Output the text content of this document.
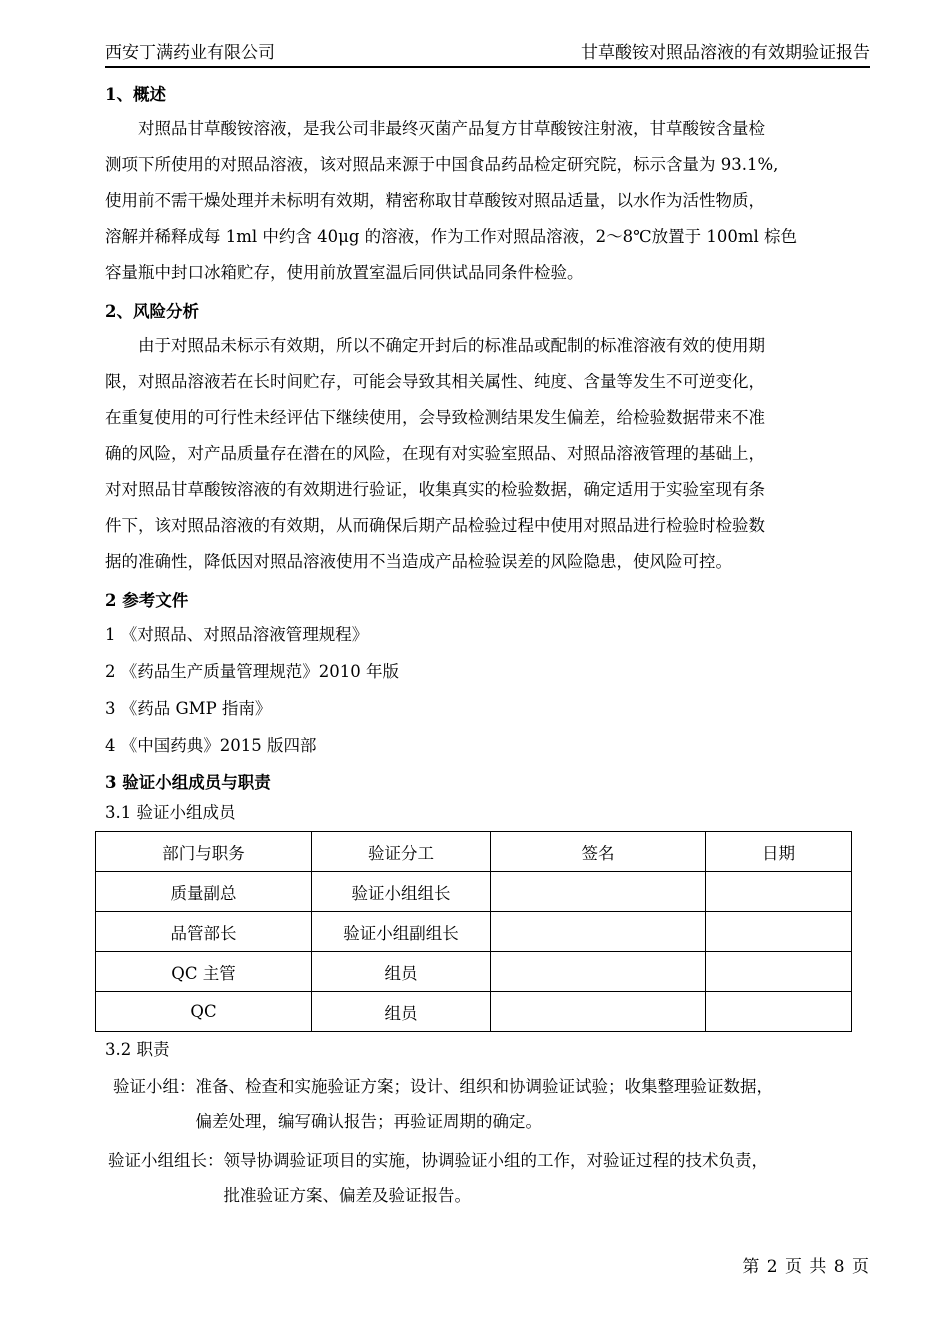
西安丁满药业有限公司	甘草酸铵对照品溶液的有效期验证报告
1、概述
对照品甘草酸铵溶液，是我公司非最终灭菌产品复方甘草酸铵注射液，甘草酸铵含量检
测项下所使用的对照品溶液，该对照品来源于中国食品药品检定研究院，标示含量为 93.1%,
使用前不需干燥处理并未标明有效期，精密称取甘草酸铵对照品适量，以水作为活性物质，
溶解并稀释成每 1ml 中约含 40μg 的溶液，作为工作对照品溶液，2～8℃放置于 100ml 棕色
容量瓶中封口冰箱贮存，使用前放置室温后同供试品同条件检验。
2、风险分析
由于对照品未标示有效期，所以不确定开封后的标准品或配制的标准溶液有效的使用期
限，对照品溶液若在长时间贮存，可能会导致其相关属性、纯度、含量等发生不可逆变化，
在重复使用的可行性未经评估下继续使用，会导致检测结果发生偏差，给检验数据带来不准
确的风险，对产品质量存在潜在的风险，在现有对实验室照品、对照品溶液管理的基础上，
对对照品甘草酸铵溶液的有效期进行验证，收集真实的检验数据，确定适用于实验室现有条
件下，该对照品溶液的有效期，从而确保后期产品检验过程中使用对照品进行检验时检验数
据的准确性，降低因对照品溶液使用不当造成产品检验误差的风险隐患，使风险可控。
2 参考文件
1 《对照品、对照品溶液管理规程》
2 《药品生产质量管理规范》2010 年版
3 《药品 GMP 指南》
4 《中国药典》2015 版四部
3 验证小组成员与职责
3.1 验证小组成员
部门与职务	验证分工	签名	日期
质量副总	验证小组组长		
品管部长	验证小组副组长		
QC 主管	组员		
QC	组员		
3.2 职责
验证小组： 准备、检查和实施验证方案；设计、组织和协调验证试验；收集整理验证数据，
偏差处理，编写确认报告；再验证周期的确定。
验证小组组长： 领导协调验证项目的实施，协调验证小组的工作，对验证过程的技术负责，
批准验证方案、偏差及验证报告。
第 2 页 共 8 页
